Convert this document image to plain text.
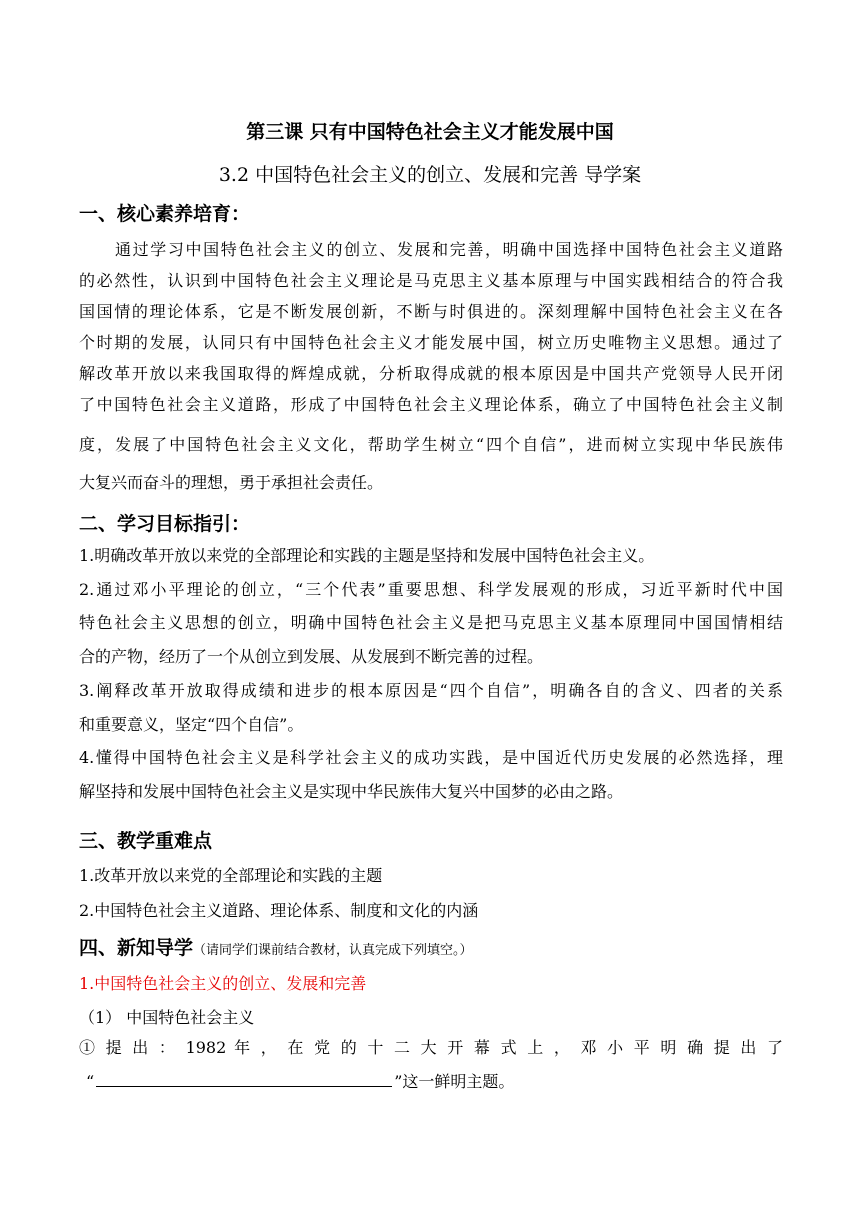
第三课 只有中国特色社会主义才能发展中国
3.2 中国特色社会主义的创立、发展和完善 导学案
一、核心素养培育：
通过学习中国特色社会主义的创立、发展和完善，明确中国选择中国特色社会主义道路
的必然性，认识到中国特色社会主义理论是马克思主义基本原理与中国实践相结合的符合我
国国情的理论体系，它是不断发展创新，不断与时俱进的。深刻理解中国特色社会主义在各
个时期的发展，认同只有中国特色社会主义才能发展中国，树立历史唯物主义思想。通过了
解改革开放以来我国取得的辉煌成就，分析取得成就的根本原因是中国共产党领导人民开闭
了中国特色社会主义道路，形成了中国特色社会主义理论体系，确立了中国特色社会主义制
度，发展了中国特色社会主义文化，帮助学生树立“四个自信”，进而树立实现中华民族伟
大复兴而奋斗的理想，勇于承担社会责任。
二、学习目标指引：
1.明确改革开放以来党的全部理论和实践的主题是坚持和发展中国特色社会主义。
2.通过邓小平理论的创立，“三个代表”重要思想、科学发展观的形成，习近平新时代中国
特色社会主义思想的创立，明确中国特色社会主义是把马克思主义基本原理同中国国情相结
合的产物，经历了一个从创立到发展、从发展到不断完善的过程。
3.阐释改革开放取得成绩和进步的根本原因是“四个自信”，明确各自的含义、四者的关系
和重要意义，坚定“四个自信”。
4.懂得中国特色社会主义是科学社会主义的成功实践，是中国近代历史发展的必然选择，理
解坚持和发展中国特色社会主义是实现中华民族伟大复兴中国梦的必由之路。
三、教学重难点
1.改革开放以来党的全部理论和实践的主题
2.中国特色社会主义道路、理论体系、制度和文化的内涵
四、新知导学（请同学们课前结合教材，认真完成下列填空。）
1.中国特色社会主义的创立、发展和完善
（1） 中国特色社会主义
① 提 出 ： 1982 年 ， 在 党 的 十 二 大 开 幕 式 上 ， 邓 小 平 明 确 提 出 了
“	”这一鲜明主题。
